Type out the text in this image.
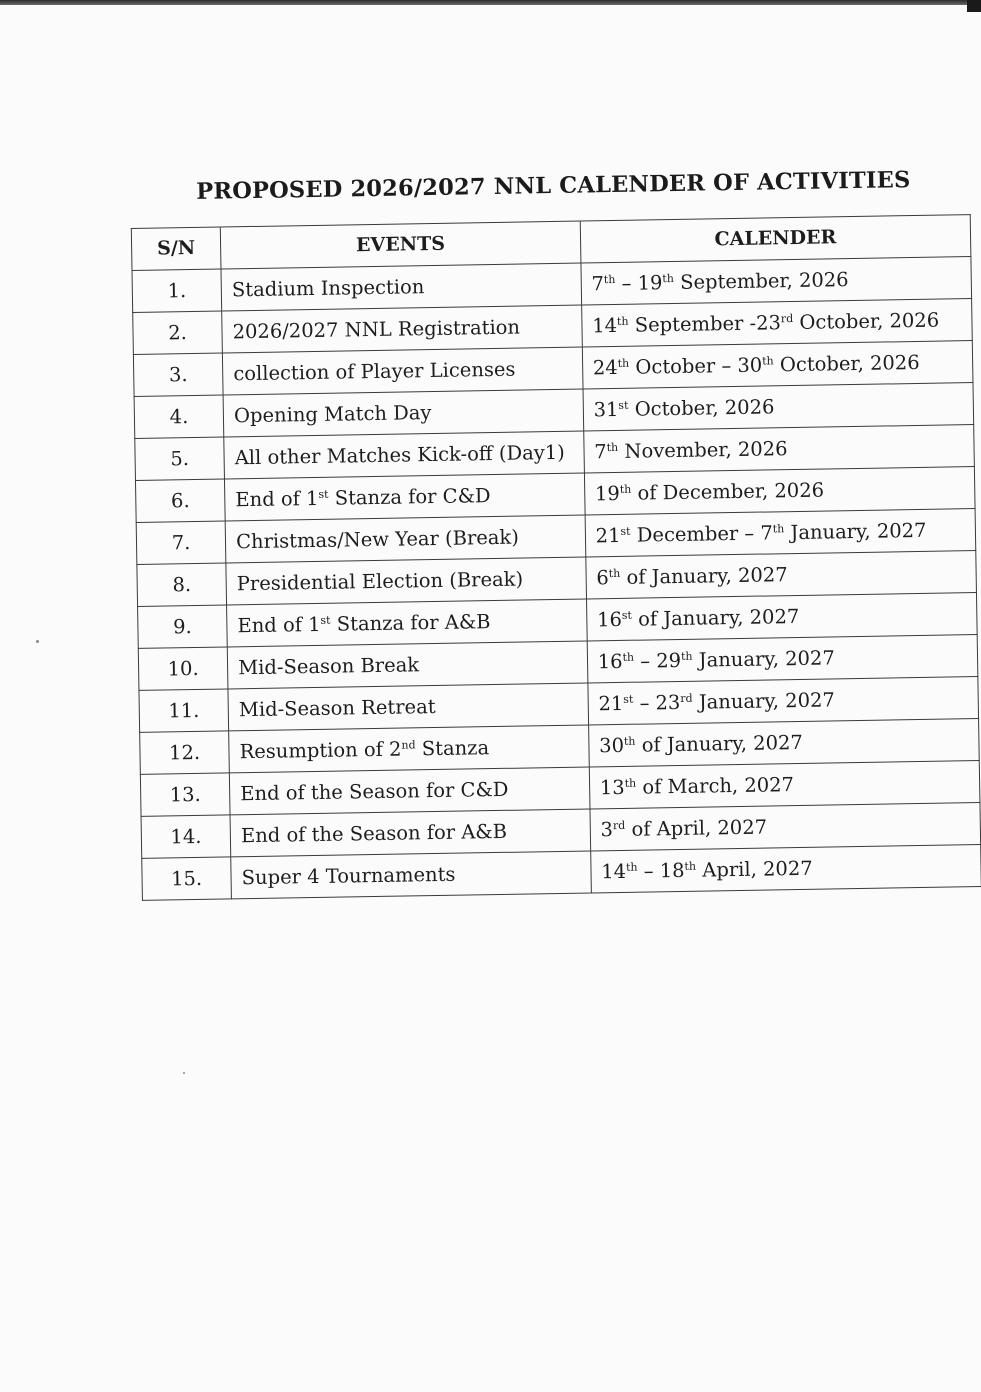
PROPOSED 2026/2027 NNL CALENDER OF ACTIVITIES
S/N	EVENTS	CALENDER
1.	Stadium Inspection	7th – 19th September, 2026
2.	2026/2027 NNL Registration	14th September -23rd October, 2026
3.	collection of Player Licenses	24th October – 30th October, 2026
4.	Opening Match Day	31st October, 2026
5.	All other Matches Kick-off (Day1)	7th November, 2026
6.	End of 1st Stanza for C&D	19th of December, 2026
7.	Christmas/New Year (Break)	21st December – 7th January, 2027
8.	Presidential Election (Break)	6th of January, 2027
9.	End of 1st Stanza for A&B	16st of January, 2027
10.	Mid-Season Break	16th – 29th January, 2027
11.	Mid-Season Retreat	21st – 23rd January, 2027
12.	Resumption of 2nd Stanza	30th of January, 2027
13.	End of the Season for C&D	13th of March, 2027
14.	End of the Season for A&B	3rd of April, 2027
15.	Super 4 Tournaments	14th – 18th April, 2027
